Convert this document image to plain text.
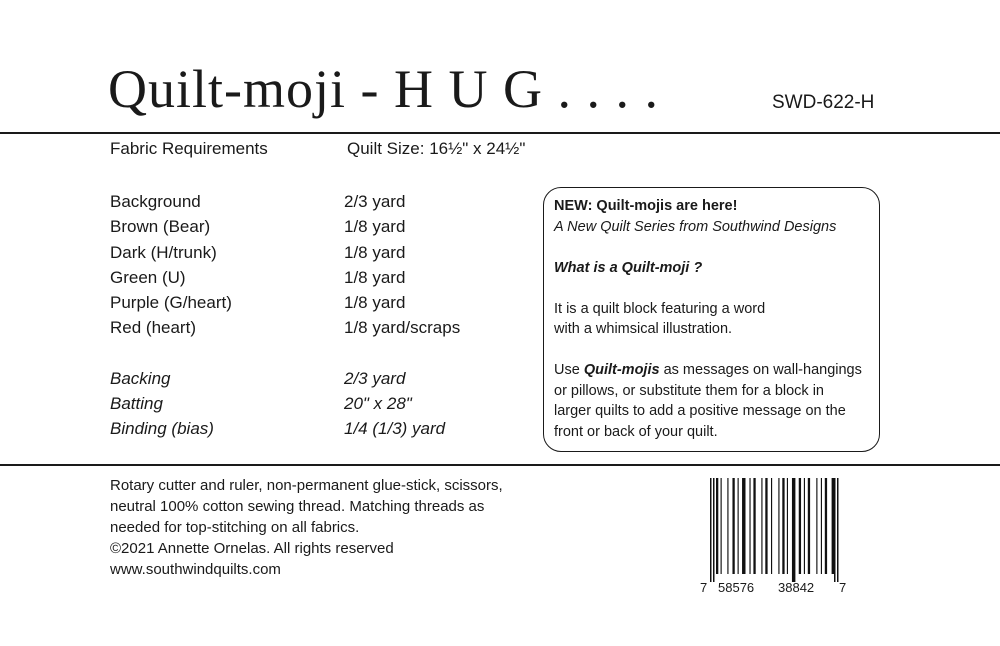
Quilt-moji - H U G . . . .	SWD-622-H
Fabric Requirements	Quilt Size: 16½" x 24½"
Background	2/3 yard
Brown (Bear)	1/8 yard
Dark (H/trunk)	1/8 yard
Green (U)	1/8 yard
Purple (G/heart)	1/8 yard
Red (heart)	1/8 yard/scraps
Backing	2/3 yard
Batting	20" x 28"
Binding (bias)	1/4 (1/3) yard

NEW: Quilt-mojis are here!

A New Quilt Series from Southwind Designs

What is a Quilt-moji ?

It is a quilt block featuring a word

with a whimsical illustration.

Use Quilt-mojis as messages on wall-hangings

or pillows, or substitute them for a block in

larger quilts to add a positive message on the

front or back of your quilt.

Rotary cutter and ruler, non-permanent glue-stick, scissors,

neutral 100% cotton sewing thread. Matching threads as

needed for top-stitching on all fabrics.

©2021 Annette Ornelas. All rights reserved

www.southwindquilts.com

7 58576 38842 7
